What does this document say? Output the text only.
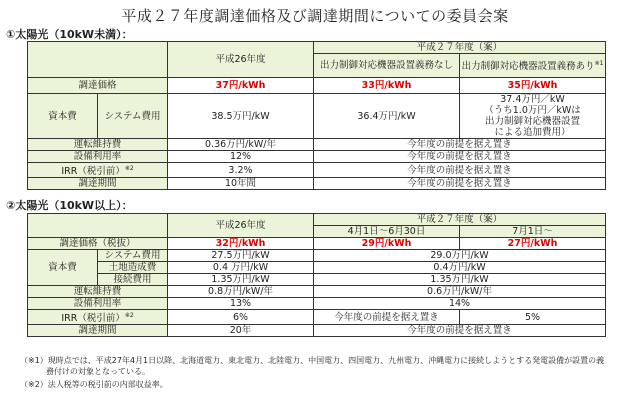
平成２７年度調達価格及び調達期間についての委員会案
①太陽光（10kW未満）：
		平成26年度	平成２７年度（案）	
			出力制御対応機器設置義務なし	出力制御対応機器設置義務あり$^{※1}$
調達価格		37円/kWh	33円/kWh	35円/kWh
資本費	システム費用	38.5万円/kW	36.4万円/kW	37.4万円／kW
（うち1.0万円／kWは
出力制御対応機器設置
による追加費用）

運転維持費		0.36万円/kW/年	今年度の前提を据え置き	
設備利用率		12%	今年度の前提を据え置き	
IRR（税引前）$^{※2}$		3.2%	今年度の前提を据え置き	
調達期間		10年間	今年度の前提を据え置き	
②太陽光（10kW以上）：
		平成26年度	平成２７年度（案）	
			4月1日～6月30日	7月1日～
調達価格（税抜）		32円/kWh	29円/kWh	27円/kWh
資本費	システム費用	27.5万円/kW	29.0万円/kW	
	土地造成費	0.4 万円/kW	0.4万円/kW	
	接続費用	1.35万円/kW	1.35万円/kW	
運転維持費		0.8万円/kW/年	0.6万円/kW/年	
設備利用率		13%	14%	
IRR（税引前）$^{※2}$		6%	今年度の前提を据え置き	5%
調達期間		20年	今年度の前提を据え置き	
（※1）現時点では、平成27年4月1日以降、北海道電力、東北電力、北陸電力、中国電力、四国電力、九州電力、沖縄電力に接続しようとする発電設備が設置の義
務付けの対象となっている。
（※2）法人税等の税引前の内部収益率。
